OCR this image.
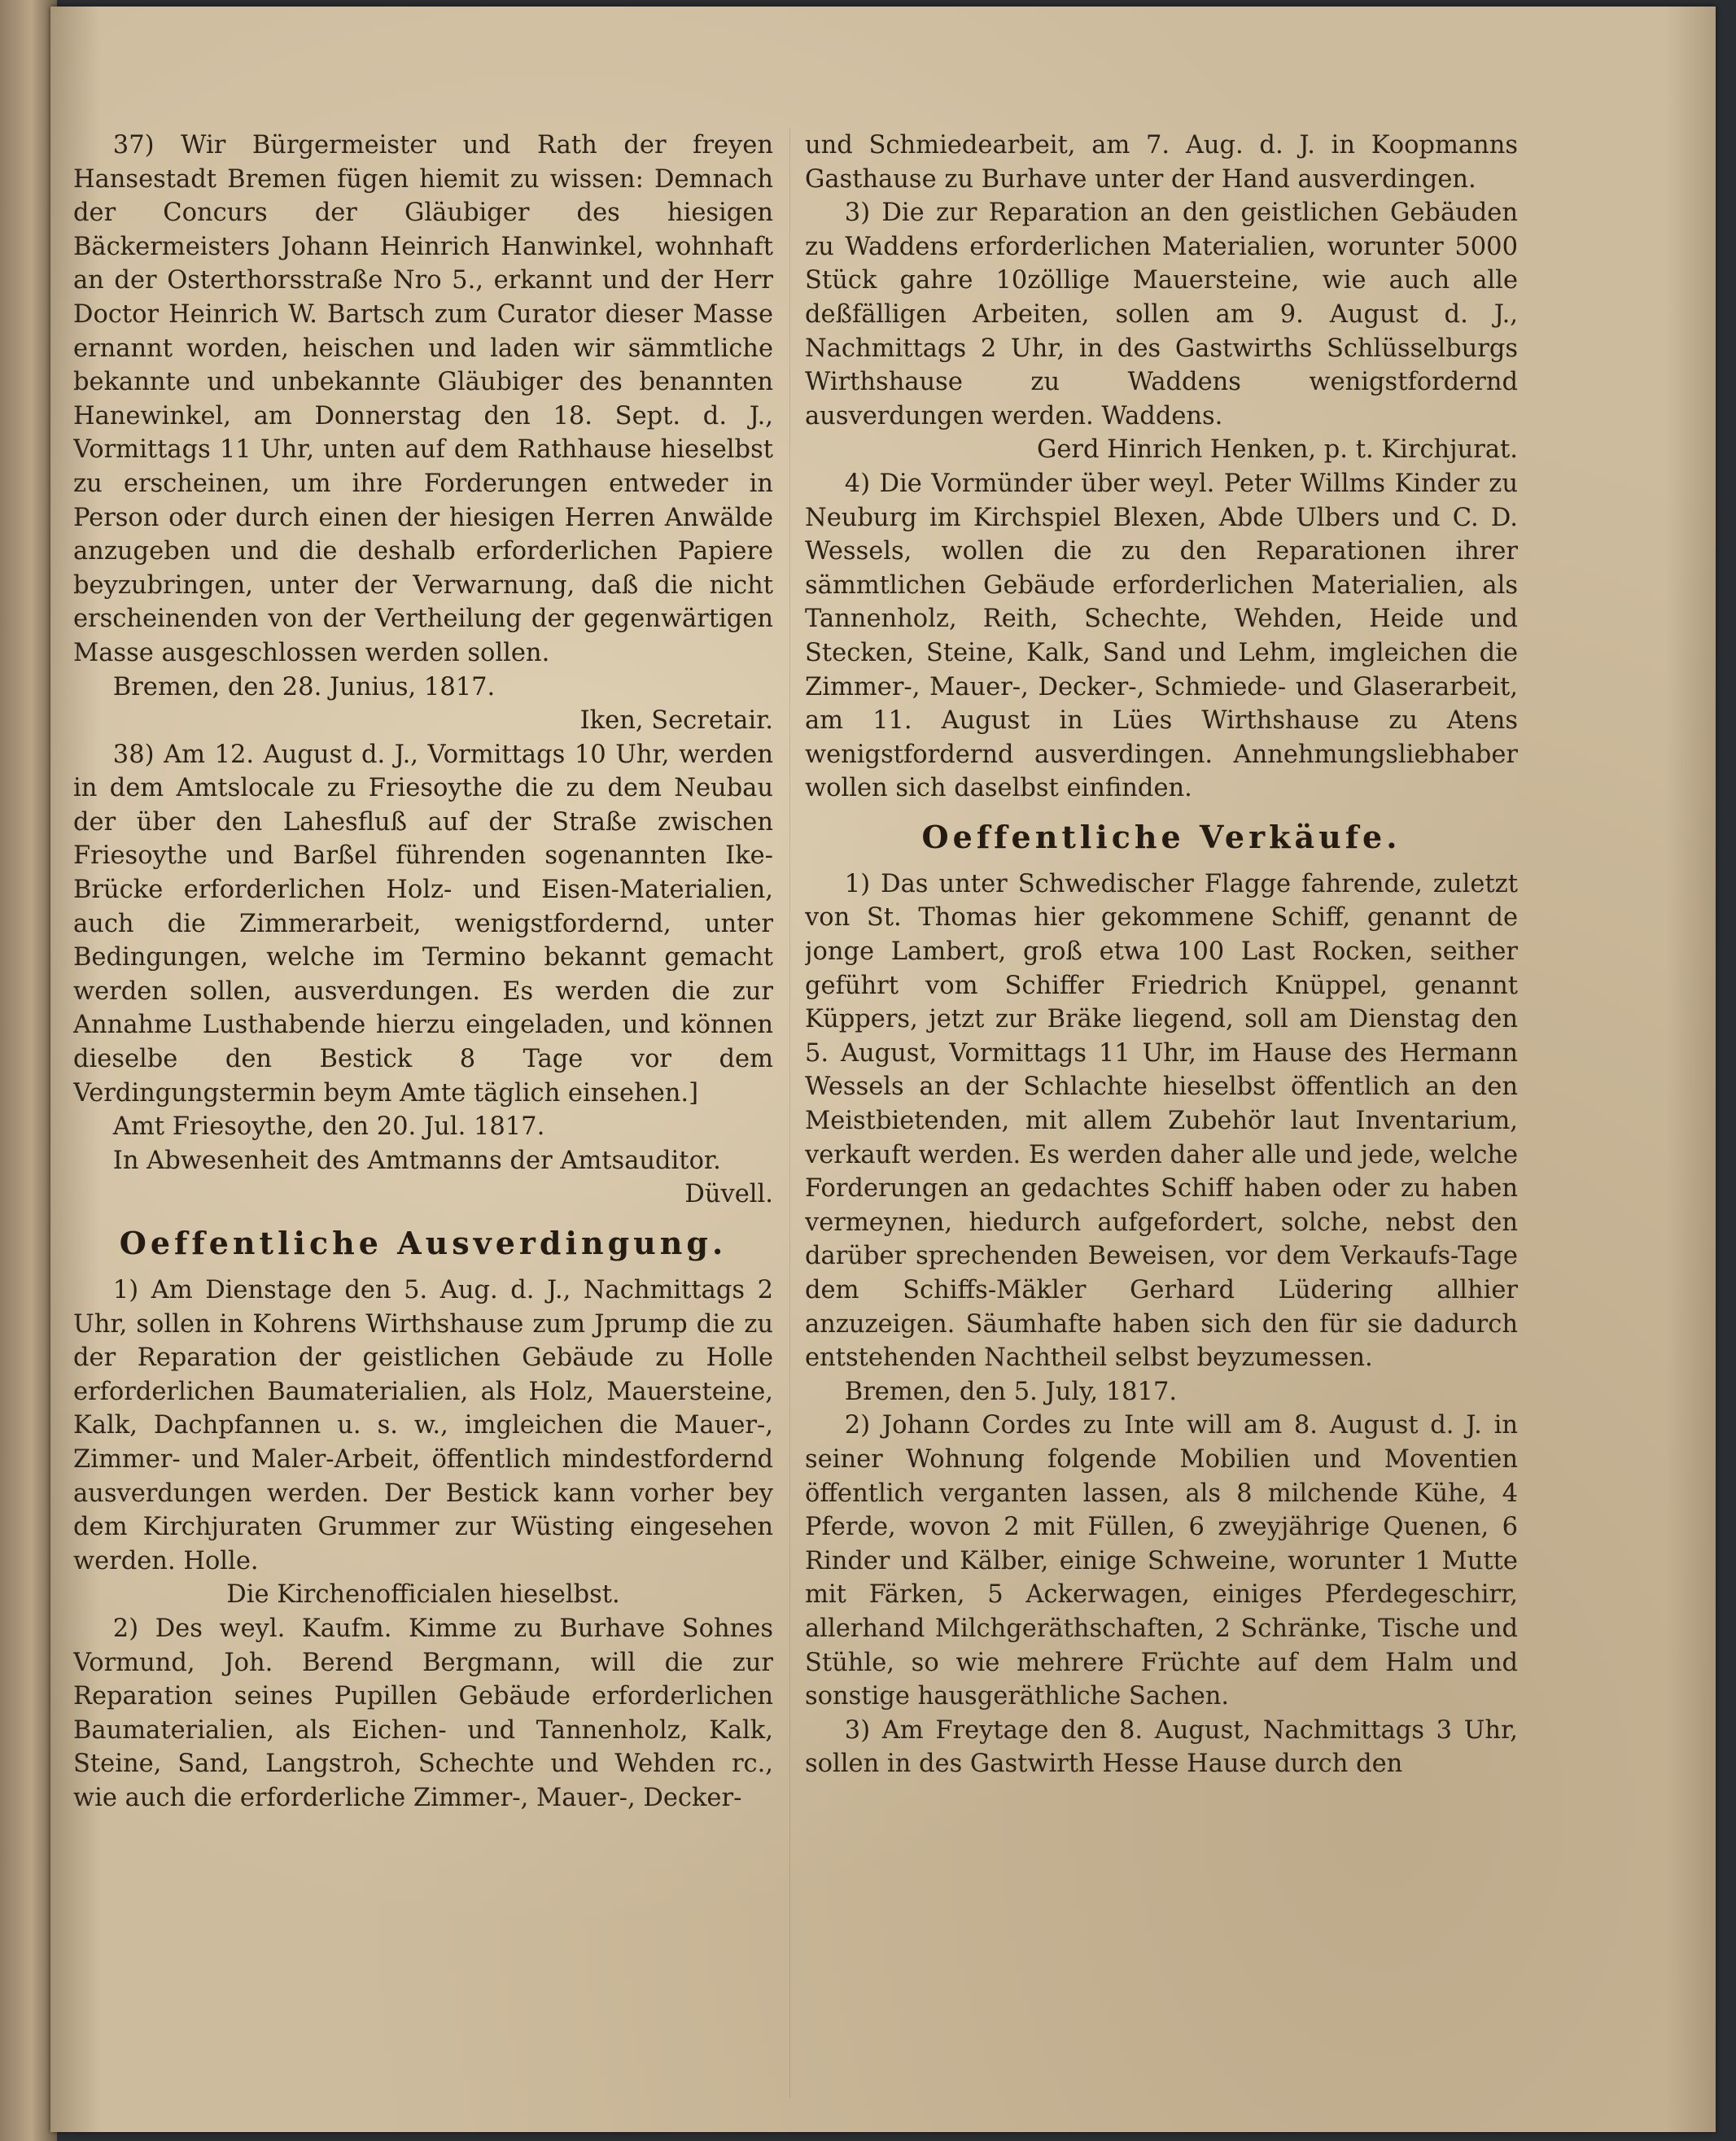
37) Wir Bürgermeister und Rath der freyen Hansestadt Bremen fügen hiemit zu wissen: Demnach der Concurs der Gläubiger des hiesigen Bäckermeisters Johann Heinrich Hanwinkel, wohnhaft an der Osterthorsstraße Nro 5., erkannt und der Herr Doctor Heinrich W. Bartsch zum Curator dieser Masse ernannt worden, heischen und laden wir sämmtliche bekannte und unbekannte Gläubiger des benannten Hanewinkel, am Donnerstag den 18. Sept. d. J., Vormittags 11 Uhr, unten auf dem Rathhause hieselbst zu erscheinen, um ihre Forderungen entweder in Person oder durch einen der hiesigen Herren Anwälde anzugeben und die deshalb erforderlichen Papiere beyzubringen, unter der Verwarnung, daß die nicht erscheinenden von der Vertheilung der gegenwärtigen Masse ausgeschlossen werden sollen.

Bremen, den 28. Junius, 1817.

Iken, Secretair.

38) Am 12. August d. J., Vormittags 10 Uhr, werden in dem Amtslocale zu Friesoythe die zu dem Neubau der über den Lahesfluß auf der Straße zwischen Friesoythe und Barßel führenden sogenannten Ike-Brücke erforderlichen Holz- und Eisen-Materialien, auch die Zimmerarbeit, wenigstfordernd, unter Bedingungen, welche im Termino bekannt gemacht werden sollen, ausverdungen. Es werden die zur Annahme Lusthabende hierzu eingeladen, und können dieselbe den Bestick 8 Tage vor dem Verdingungstermin beym Amte täglich einsehen.]

Amt Friesoythe, den 20. Jul. 1817.

In Abwesenheit des Amtmanns der Amtsauditor.

Düvell.

Oeffentliche Ausverdingung.

1) Am Dienstage den 5. Aug. d. J., Nachmittags 2 Uhr, sollen in Kohrens Wirthshause zum Jprump die zu der Reparation der geistlichen Gebäude zu Holle erforderlichen Baumaterialien, als Holz, Mauersteine, Kalk, Dachpfannen u. s. w., imgleichen die Mauer-, Zimmer- und Maler-Arbeit, öffentlich mindestfordernd ausverdungen werden. Der Bestick kann vorher bey dem Kirchjuraten Grummer zur Wüsting eingesehen werden. Holle.

Die Kirchenofficialen hieselbst.

2) Des weyl. Kaufm. Kimme zu Burhave Sohnes Vormund, Joh. Berend Bergmann, will die zur Reparation seines Pupillen Gebäude erforderlichen Baumaterialien, als Eichen- und Tannenholz, Kalk, Steine, Sand, Langstroh, Schechte und Wehden rc., wie auch die erforderliche Zimmer-, Mauer-, Decker-

und Schmiedearbeit, am 7. Aug. d. J. in Koopmanns Gasthause zu Burhave unter der Hand ausverdingen.

3) Die zur Reparation an den geistlichen Gebäuden zu Waddens erforderlichen Materialien, worunter 5000 Stück gahre 10zöllige Mauersteine, wie auch alle deßfälligen Arbeiten, sollen am 9. August d. J., Nachmittags 2 Uhr, in des Gastwirths Schlüsselburgs Wirthshause zu Waddens wenigstfordernd ausverdungen werden. Waddens.

Gerd Hinrich Henken, p. t. Kirchjurat.

4) Die Vormünder über weyl. Peter Willms Kinder zu Neuburg im Kirchspiel Blexen, Abde Ulbers und C. D. Wessels, wollen die zu den Reparationen ihrer sämmtlichen Gebäude erforderlichen Materialien, als Tannenholz, Reith, Schechte, Wehden, Heide und Stecken, Steine, Kalk, Sand und Lehm, imgleichen die Zimmer-, Mauer-, Decker-, Schmiede- und Glaserarbeit, am 11. August in Lües Wirthshause zu Atens wenigstfordernd ausverdingen. Annehmungsliebhaber wollen sich daselbst einfinden.

Oeffentliche Verkäufe.

1) Das unter Schwedischer Flagge fahrende, zuletzt von St. Thomas hier gekommene Schiff, genannt de jonge Lambert, groß etwa 100 Last Rocken, seither geführt vom Schiffer Friedrich Knüppel, genannt Küppers, jetzt zur Bräke liegend, soll am Dienstag den 5. August, Vormittags 11 Uhr, im Hause des Hermann Wessels an der Schlachte hieselbst öffentlich an den Meistbietenden, mit allem Zubehör laut Inventarium, verkauft werden. Es werden daher alle und jede, welche Forderungen an gedachtes Schiff haben oder zu haben vermeynen, hiedurch aufgefordert, solche, nebst den darüber sprechenden Beweisen, vor dem Verkaufs-Tage dem Schiffs-Mäkler Gerhard Lüdering allhier anzuzeigen. Säumhafte haben sich den für sie dadurch entstehenden Nachtheil selbst beyzumessen.

Bremen, den 5. July, 1817.

2) Johann Cordes zu Inte will am 8. August d. J. in seiner Wohnung folgende Mobilien und Moventien öffentlich verganten lassen, als 8 milchende Kühe, 4 Pferde, wovon 2 mit Füllen, 6 zweyjährige Quenen, 6 Rinder und Kälber, einige Schweine, worunter 1 Mutte mit Färken, 5 Ackerwagen, einiges Pferdegeschirr, allerhand Milchgeräthschaften, 2 Schränke, Tische und Stühle, so wie mehrere Früchte auf dem Halm und sonstige hausgeräthliche Sachen.

3) Am Freytage den 8. August, Nachmittags 3 Uhr, sollen in des Gastwirth Hesse Hause durch den
